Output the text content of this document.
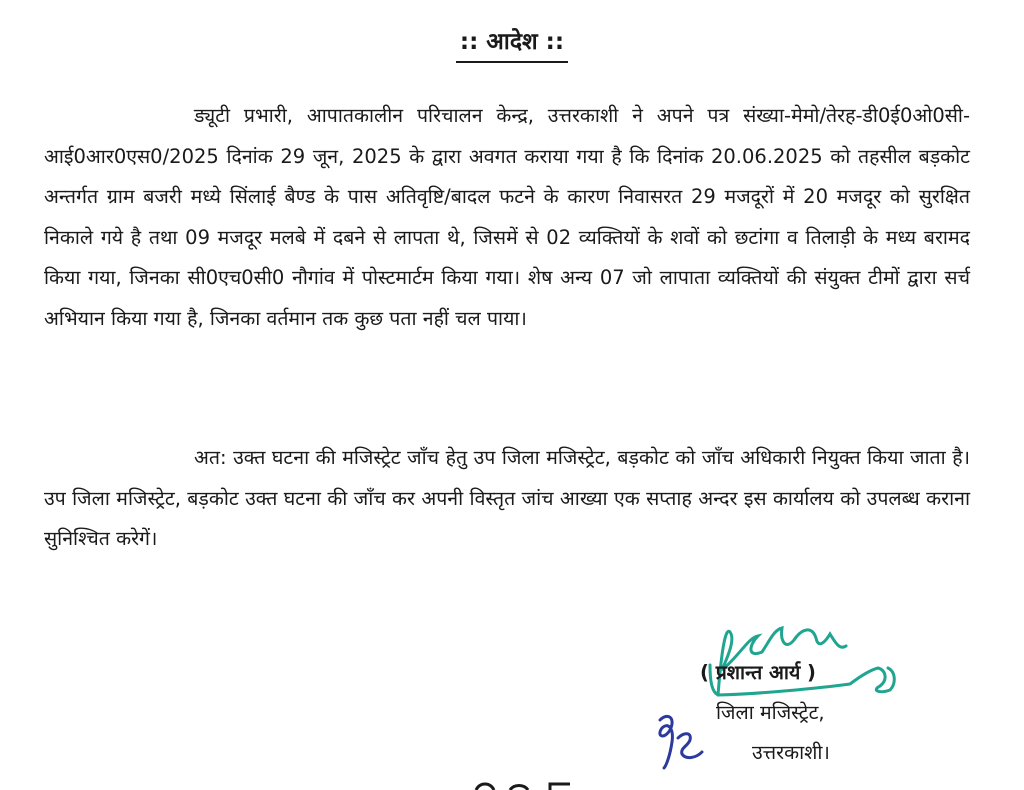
:: आदेश ::
ड्यूटी प्रभारी, आपातकालीन परिचालन केन्द्र, उत्तरकाशी ने अपने पत्र संख्या-मेमो/तेरह-डी0ई0ओ0सी-आई0आर0एस0/2025 दिनांक 29 जून, 2025 के द्वारा अवगत कराया गया है कि दिनांक 20.06.2025 को तहसील बड़कोट अन्तर्गत ग्राम बजरी मध्ये सिंलाई बैण्ड के पास अतिवृष्टि/बादल फटने के कारण निवासरत 29 मजदूरों में 20 मजदूर को सुरक्षित निकाले गये है तथा 09 मजदूर मलबे में दबने से लापता थे, जिसमें से 02 व्यक्तियों के शवों को छटांगा व तिलाड़ी के मध्य बरामद किया गया, जिनका सी0एच0सी0 नौगांव में पोस्टमार्टम किया गया। शेष अन्य 07 जो लापाता व्यक्तियों की संयुक्त टीमों द्वारा सर्च अभियान किया गया है, जिनका वर्तमान तक कुछ पता नहीं चल पाया।
अत: उक्त घटना की मजिस्ट्रेट जाँच हेतु उप जिला मजिस्ट्रेट, बड़कोट को जाँच अधिकारी नियुक्त किया जाता है। उप जिला मजिस्ट्रेट, बड़कोट उक्त घटना की जाँच कर अपनी विस्तृत जांच आख्या एक सप्ताह अन्दर इस कार्यालय को उपलब्ध कराना सुनिश्चित करेगें।
( प्रशान्त आर्य )
जिला मजिस्ट्रेट,
उत्तरकाशी।
